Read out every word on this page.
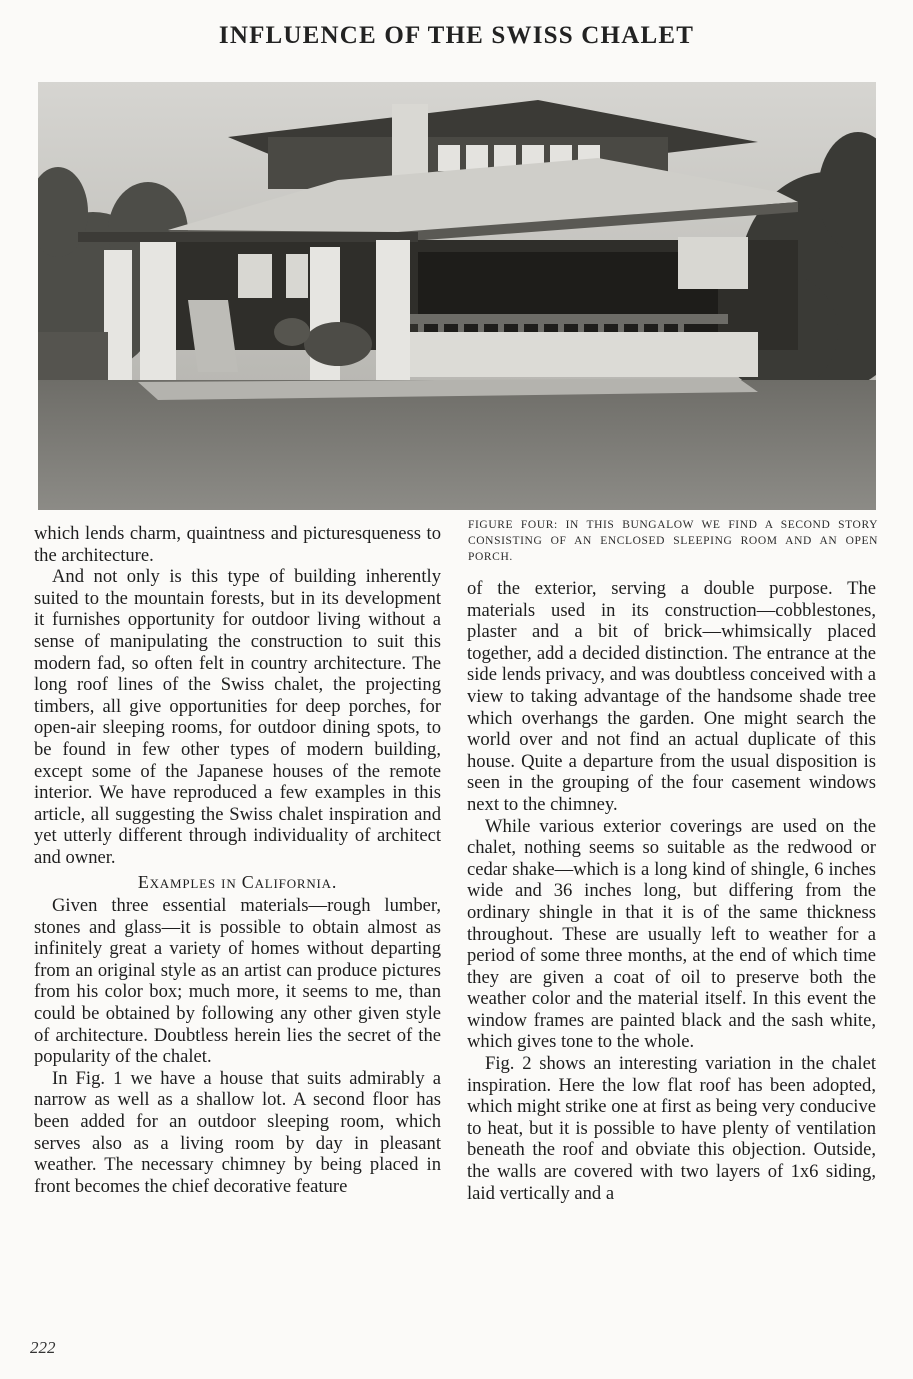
INFLUENCE OF THE SWISS CHALET
FIGURE FOUR: IN THIS BUNGALOW WE FIND A SECOND STORY CONSISTING OF AN ENCLOSED SLEEPING ROOM AND AN OPEN PORCH.

which lends charm, quaintness and picturesqueness to the architecture.

And not only is this type of building inherently suited to the mountain forests, but in its development it furnishes opportunity for outdoor living without a sense of manipulating the construction to suit this modern fad, so often felt in country architecture. The long roof lines of the Swiss chalet, the projecting timbers, all give opportunities for deep porches, for open-air sleeping rooms, for outdoor dining spots, to be found in few other types of modern building, except some of the Japanese houses of the remote interior. We have reproduced a few examples in this article, all suggesting the Swiss chalet inspiration and yet utterly different through individuality of architect and owner.

Examples in California.

Given three essential materials—rough lumber, stones and glass—it is possible to obtain almost as infinitely great a variety of homes without departing from an original style as an artist can produce pictures from his color box; much more, it seems to me, than could be obtained by following any other given style of architecture. Doubtless herein lies the secret of the popularity of the chalet.

In Fig. 1 we have a house that suits admirably a narrow as well as a shallow lot. A second floor has been added for an outdoor sleeping room, which serves also as a living room by day in pleasant weather. The necessary chimney by being placed in front becomes the chief decorative feature

of the exterior, serving a double purpose. The materials used in its construction—cobblestones, plaster and a bit of brick—whimsically placed together, add a decided distinction. The entrance at the side lends privacy, and was doubtless conceived with a view to taking advantage of the handsome shade tree which overhangs the garden. One might search the world over and not find an actual duplicate of this house. Quite a departure from the usual disposition is seen in the grouping of the four casement windows next to the chimney.

While various exterior coverings are used on the chalet, nothing seems so suitable as the redwood or cedar shake—which is a long kind of shingle, 6 inches wide and 36 inches long, but differing from the ordinary shingle in that it is of the same thickness throughout. These are usually left to weather for a period of some three months, at the end of which time they are given a coat of oil to preserve both the weather color and the material itself. In this event the window frames are painted black and the sash white, which gives tone to the whole.

Fig. 2 shows an interesting variation in the chalet inspiration. Here the low flat roof has been adopted, which might strike one at first as being very conducive to heat, but it is possible to have plenty of ventilation beneath the roof and obviate this objection. Outside, the walls are covered with two layers of 1x6 siding, laid vertically and a

222
